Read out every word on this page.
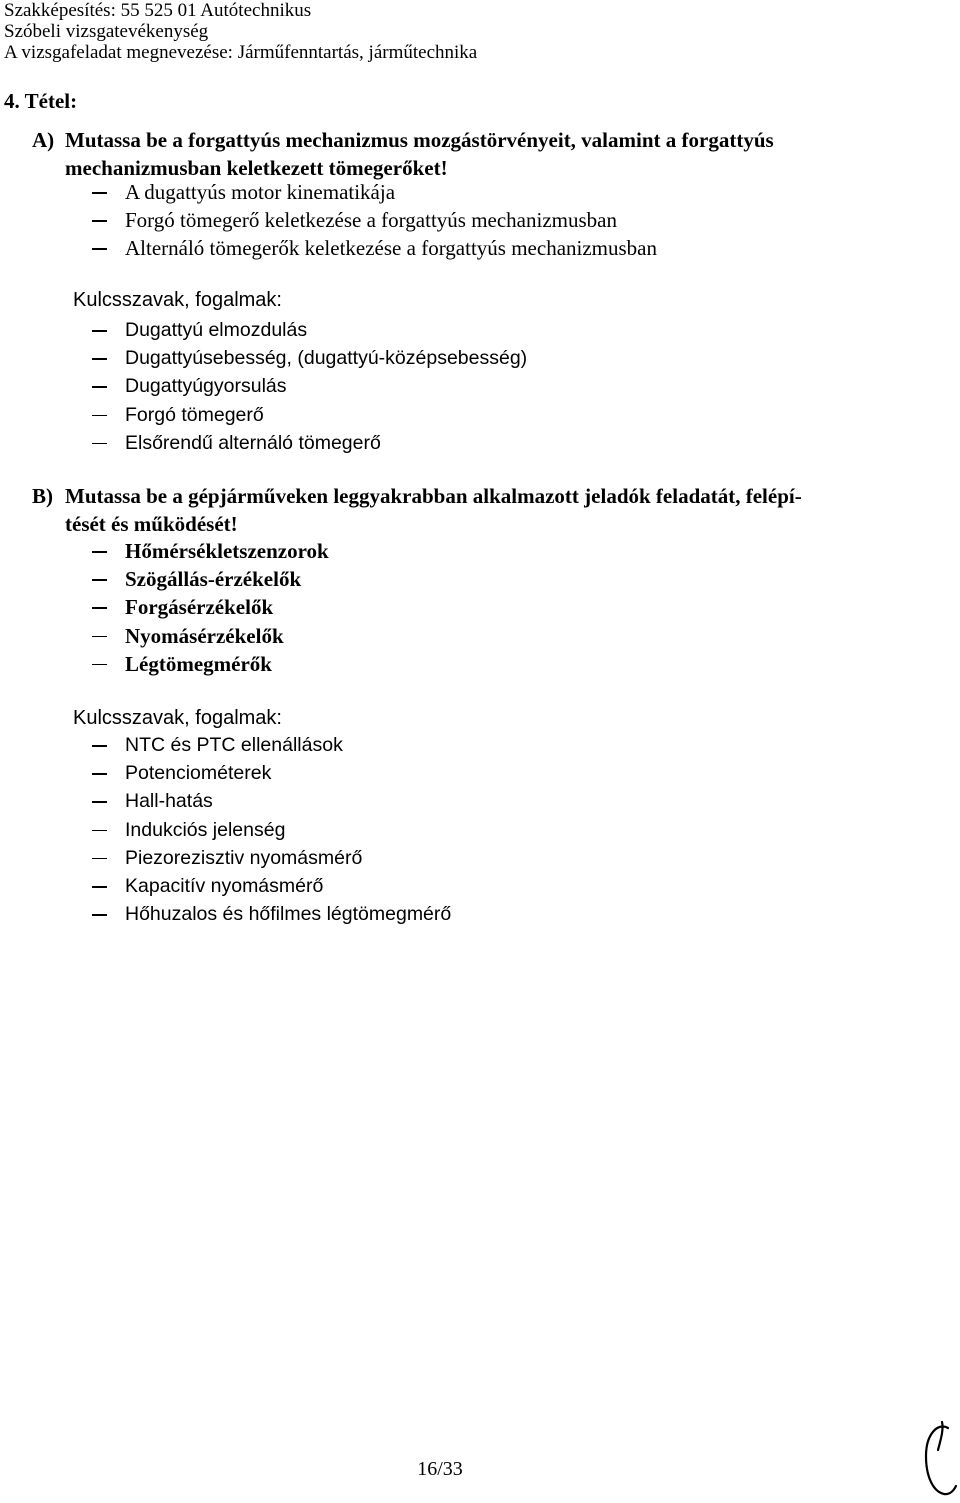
Szakképesítés: 55 525 01 Autótechnikus
Szóbeli vizsgatevékenység
A vizsgafeladat megnevezése: Járműfenntartás, járműtechnika
4. Tétel:
A) Mutassa be a forgattyús mechanizmus mozgástörvényeit, valamint a forgattyús
mechanizmusban keletkezett tömegerőket!
A dugattyús motor kinematikája
Forgó tömegerő keletkezése a forgattyús mechanizmusban
Alternáló tömegerők keletkezése a forgattyús mechanizmusban
Kulcsszavak, fogalmak:
Dugattyú elmozdulás
Dugattyúsebesség, (dugattyú-középsebesség)
Dugattyúgyorsulás
Forgó tömegerő
Elsőrendű alternáló tömegerő
B) Mutassa be a gépjárműveken leggyakrabban alkalmazott jeladók feladatát, felépí-
tését és működését!
Hőmérsékletszenzorok
Szögállás-érzékelők
Forgásérzékelők
Nyomásérzékelők
Légtömegmérők
Kulcsszavak, fogalmak:
NTC és PTC ellenállások
Potenciométerek
Hall-hatás
Indukciós jelenség
Piezorezisztiv nyomásmérő
Kapacitív nyomásmérő
Hőhuzalos és hőfilmes légtömegmérő
16/33
